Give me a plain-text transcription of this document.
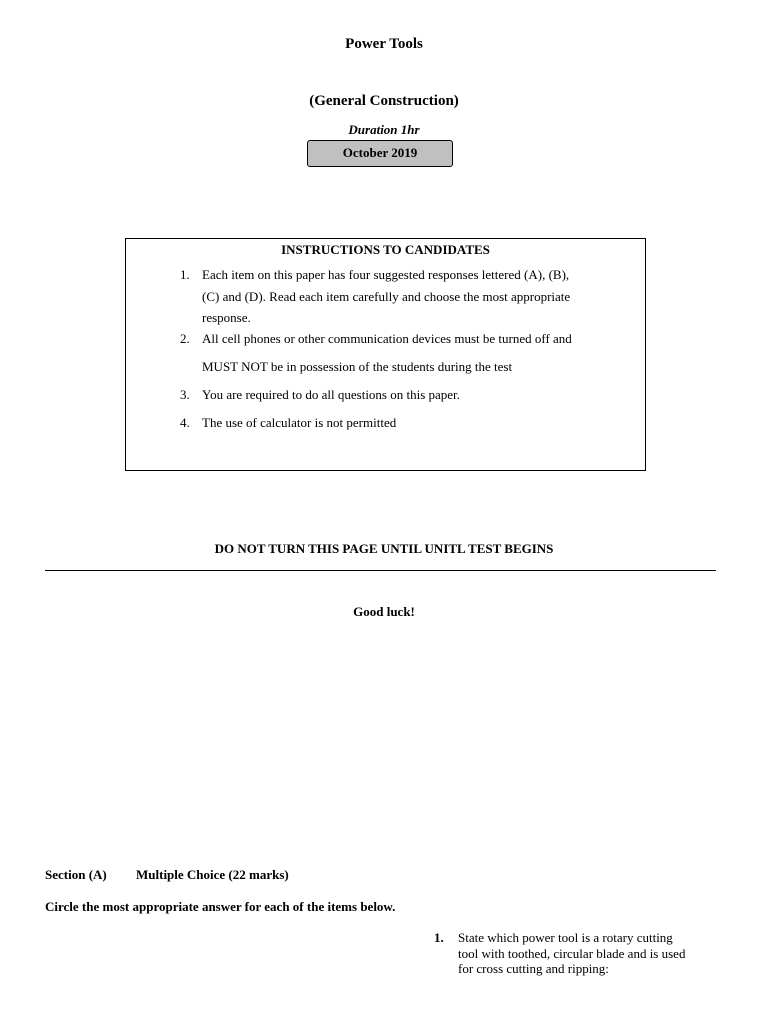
Power Tools
(General Construction)
Duration 1hr
October 2019
INSTRUCTIONS TO CANDIDATES
1. Each item on this paper has four suggested responses lettered (A), (B),
(C) and (D). Read each item carefully and choose the most appropriate
response.
2. All cell phones or other communication devices must be turned off and
MUST NOT be in possession of the students during the test
3. You are required to do all questions on this paper.
4. The use of calculator is not permitted
DO NOT TURN THIS PAGE UNTIL UNITL TEST BEGINS
Good luck!
Section (A) Multiple Choice (22 marks)
Circle the most appropriate answer for each of the items below.
1. State which power tool is a rotary cutting
tool with toothed, circular blade and is used
for cross cutting and ripping:
